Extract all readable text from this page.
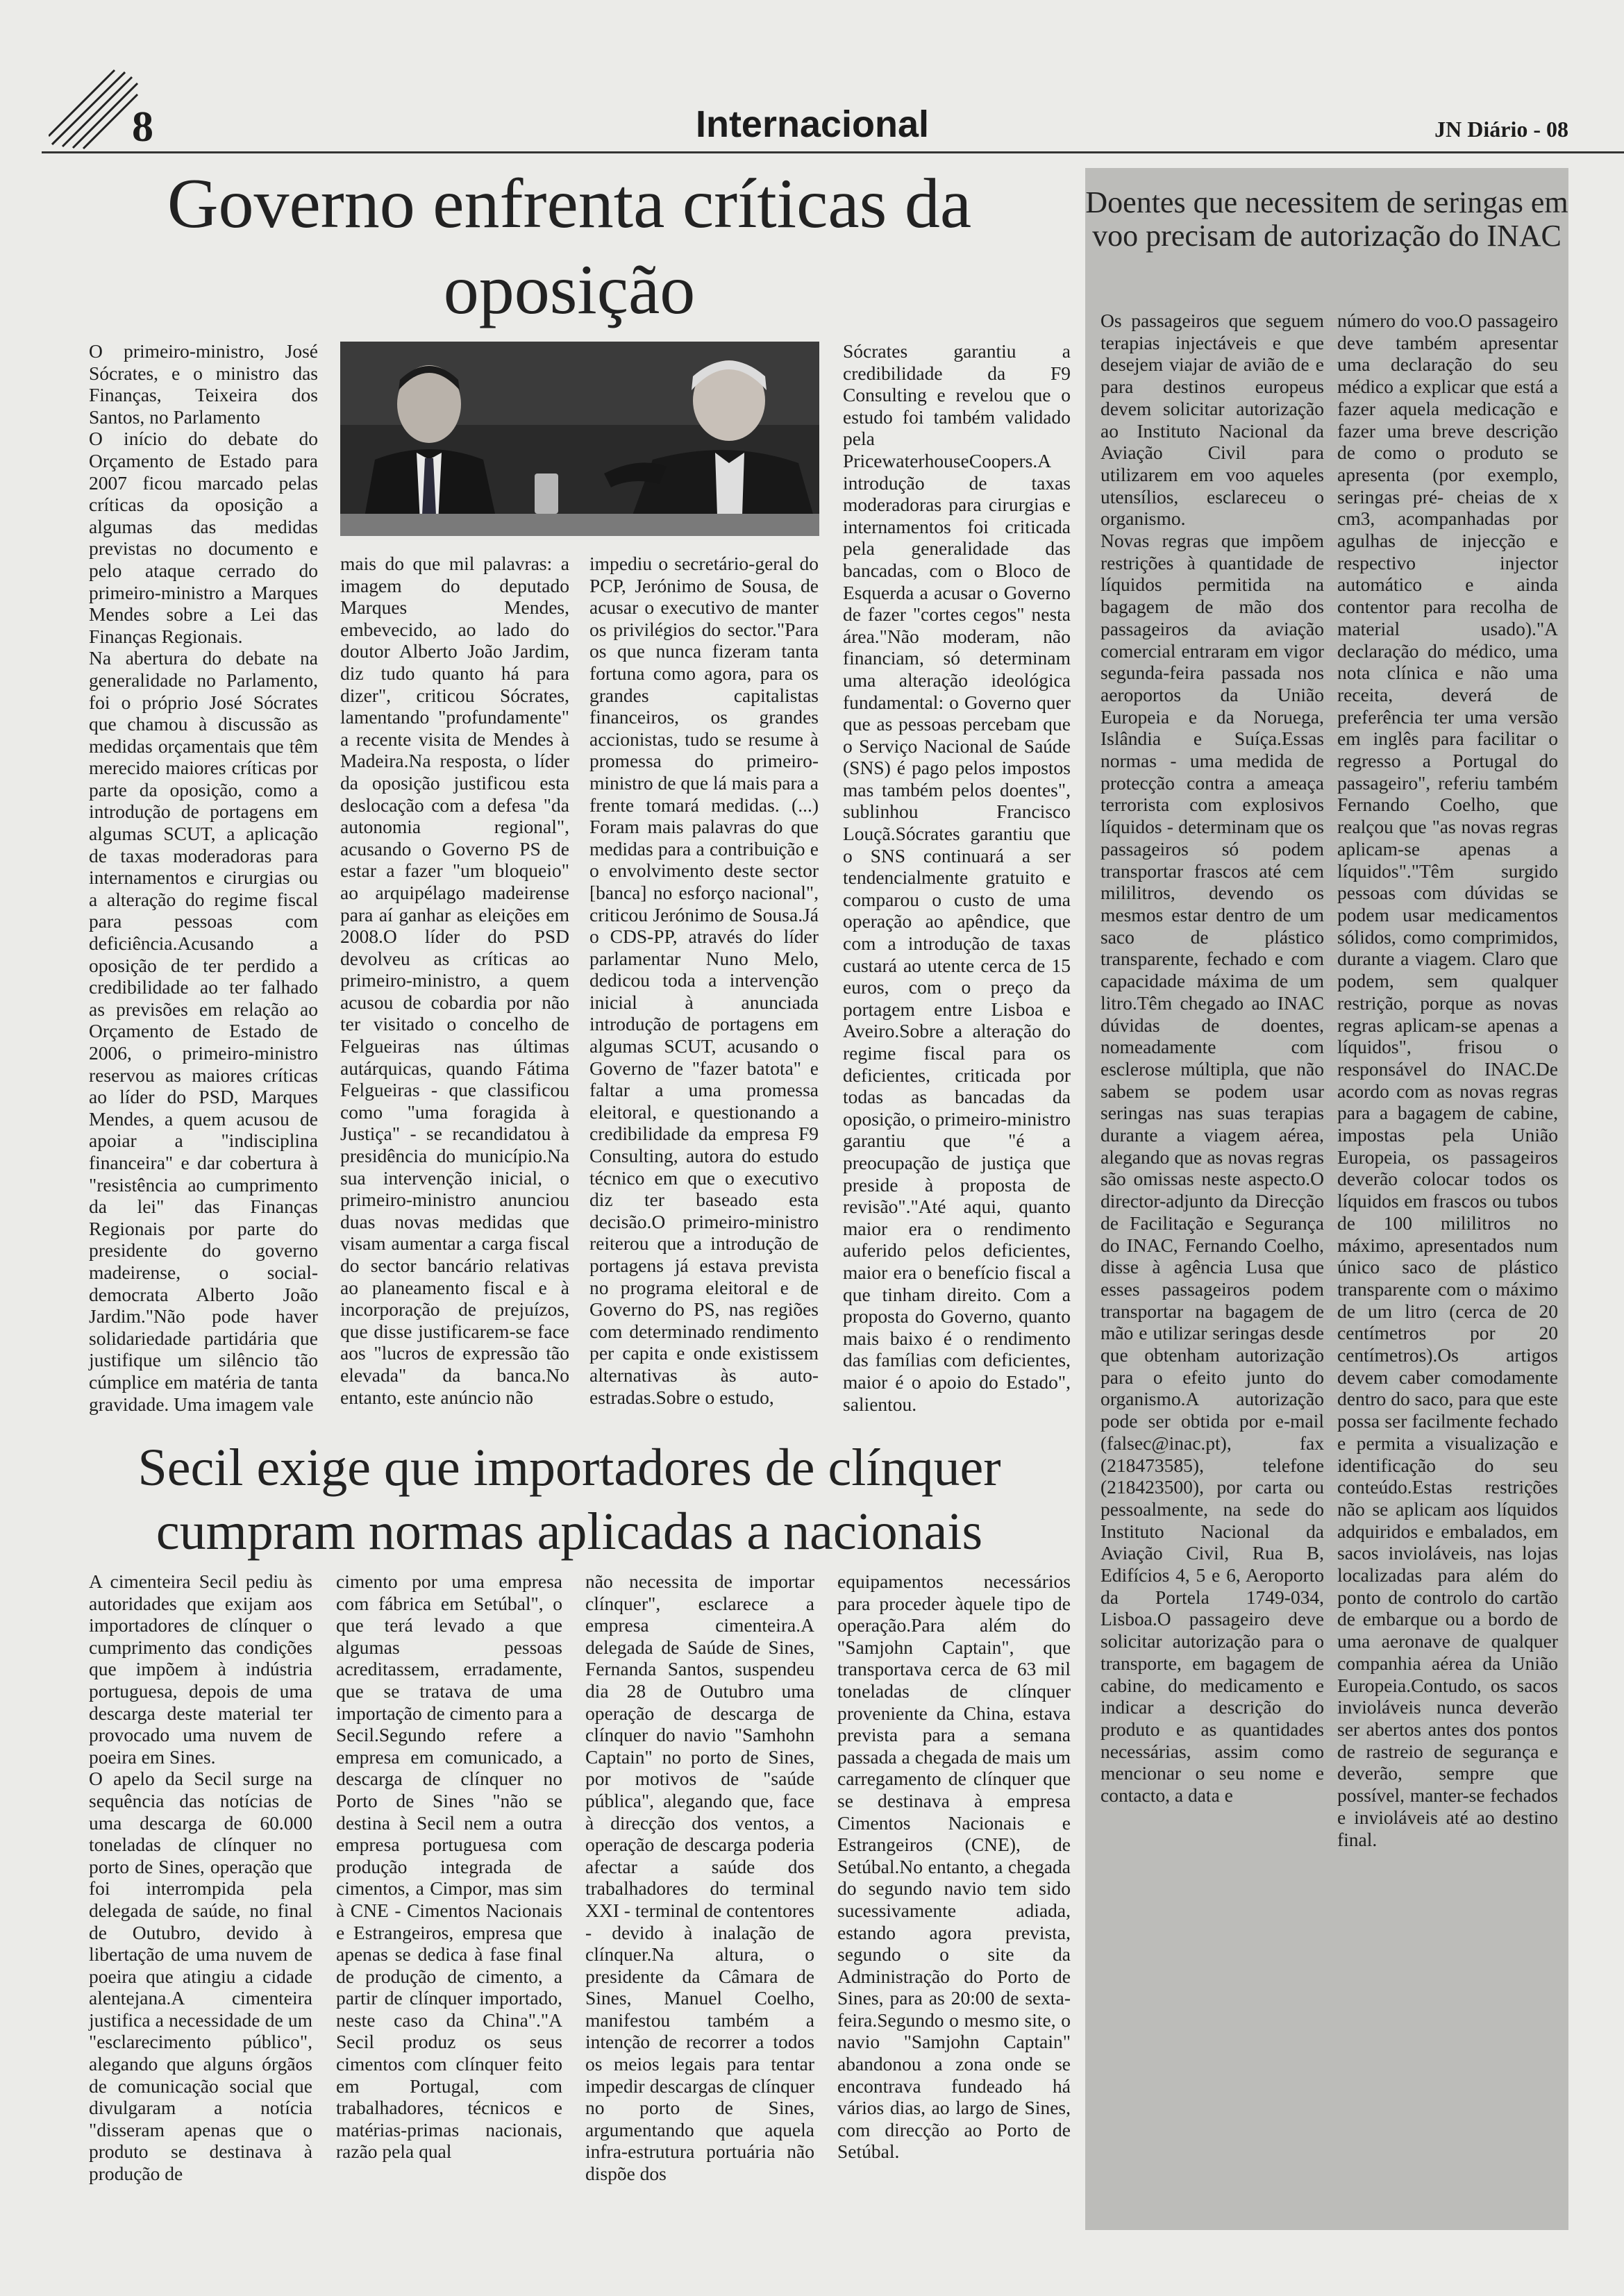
8	Internacional	JN Diário - 08
Governo enfrenta críticas da oposição
O primeiro-ministro, José Sócrates, e o ministro das Finanças, Teixeira dos Santos, no Parlamento
O início do debate do Orçamento de Estado para 2007 ficou marcado pelas críticas da oposição a algumas das medidas previstas no documento e pelo ataque cerrado do primeiro-ministro a Marques Mendes sobre a Lei das Finanças Regionais.
Na abertura do debate na generalidade no Parlamento, foi o próprio José Sócrates que chamou à discussão as medidas orçamentais que têm merecido maiores críticas por parte da oposição, como a introdução de portagens em algumas SCUT, a aplicação de taxas moderadoras para internamentos e cirurgias ou a alteração do regime fiscal para pessoas com deficiência.Acusando a oposição de ter perdido a credibilidade ao ter falhado as previsões em relação ao Orçamento de Estado de 2006, o primeiro-ministro reservou as maiores críticas ao líder do PSD, Marques Mendes, a quem acusou de apoiar a "indisciplina financeira" e dar cobertura à "resistência ao cumprimento da lei" das Finanças Regionais por parte do presidente do governo madeirense, o social-democrata Alberto João Jardim."Não pode haver solidariedade partidária que justifique um silêncio tão cúmplice em matéria de tanta gravidade. Uma imagem vale
mais do que mil palavras: a imagem do deputado Marques Mendes, embevecido, ao lado do doutor Alberto João Jardim, diz tudo quanto há para dizer", criticou Sócrates, lamentando "profundamente" a recente visita de Mendes à Madeira.Na resposta, o líder da oposição justificou esta deslocação com a defesa "da autonomia regional", acusando o Governo PS de estar a fazer "um bloqueio" ao arquipélago madeirense para aí ganhar as eleições em 2008.O líder do PSD devolveu as críticas ao primeiro-ministro, a quem acusou de cobardia por não ter visitado o concelho de Felgueiras nas últimas autárquicas, quando Fátima Felgueiras - que classificou como "uma foragida à Justiça" - se recandidatou à presidência do município.Na sua intervenção inicial, o primeiro-ministro anunciou duas novas medidas que visam aumentar a carga fiscal do sector bancário relativas ao planeamento fiscal e à incorporação de prejuízos, que disse justificarem-se face aos "lucros de expressão tão elevada" da banca.No entanto, este anúncio não
impediu o secretário-geral do PCP, Jerónimo de Sousa, de acusar o executivo de manter os privilégios do sector."Para os que nunca fizeram tanta fortuna como agora, para os grandes capitalistas financeiros, os grandes accionistas, tudo se resume à promessa do primeiro-ministro de que lá mais para a frente tomará medidas. (...) Foram mais palavras do que medidas para a contribuição e o envolvimento deste sector [banca] no esforço nacional", criticou Jerónimo de Sousa.Já o CDS-PP, através do líder parlamentar Nuno Melo, dedicou toda a intervenção inicial à anunciada introdução de portagens em algumas SCUT, acusando o Governo de "fazer batota" e faltar a uma promessa eleitoral, e questionando a credibilidade da empresa F9 Consulting, autora do estudo técnico em que o executivo diz ter baseado esta decisão.O primeiro-ministro reiterou que a introdução de portagens já estava prevista no programa eleitoral e de Governo do PS, nas regiões com determinado rendimento per capita e onde existissem alternativas às auto-estradas.Sobre o estudo,
Sócrates garantiu a credibilidade da F9 Consulting e revelou que o estudo foi também validado pela PricewaterhouseCoopers.A introdução de taxas moderadoras para cirurgias e internamentos foi criticada pela generalidade das bancadas, com o Bloco de Esquerda a acusar o Governo de fazer "cortes cegos" nesta área."Não moderam, não financiam, só determinam uma alteração ideológica fundamental: o Governo quer que as pessoas percebam que o Serviço Nacional de Saúde (SNS) é pago pelos impostos mas também pelos doentes", sublinhou Francisco Louçã.Sócrates garantiu que o SNS continuará a ser tendencialmente gratuito e comparou o custo de uma operação ao apêndice, que com a introdução de taxas custará ao utente cerca de 15 euros, com o preço da portagem entre Lisboa e Aveiro.Sobre a alteração do regime fiscal para os deficientes, criticada por todas as bancadas da oposição, o primeiro-ministro garantiu que "é a preocupação de justiça que preside à proposta de revisão"."Até aqui, quanto maior era o rendimento auferido pelos deficientes, maior era o benefício fiscal a que tinham direito. Com a proposta do Governo, quanto mais baixo é o rendimento das famílias com deficientes, maior é o apoio do Estado", salientou.
Secil exige que importadores de clínquer cumpram normas aplicadas a nacionais
A cimenteira Secil pediu às autoridades que exijam aos importadores de clínquer o cumprimento das condições que impõem à indústria portuguesa, depois de uma descarga deste material ter provocado uma nuvem de poeira em Sines.
O apelo da Secil surge na sequência das notícias de uma descarga de 60.000 toneladas de clínquer no porto de Sines, operação que foi interrompida pela delegada de saúde, no final de Outubro, devido à libertação de uma nuvem de poeira que atingiu a cidade alentejana.A cimenteira justifica a necessidade de um "esclarecimento público", alegando que alguns órgãos de comunicação social que divulgaram a notícia "disseram apenas que o produto se destinava à produção de
cimento por uma empresa com fábrica em Setúbal", o que terá levado a que algumas pessoas acreditassem, erradamente, que se tratava de uma importação de cimento para a Secil.Segundo refere a empresa em comunicado, a descarga de clínquer no Porto de Sines "não se destina à Secil nem a outra empresa portuguesa com produção integrada de cimentos, a Cimpor, mas sim à CNE - Cimentos Nacionais e Estrangeiros, empresa que apenas se dedica à fase final de produção de cimento, a partir de clínquer importado, neste caso da China"."A Secil produz os seus cimentos com clínquer feito em Portugal, com trabalhadores, técnicos e matérias-primas nacionais, razão pela qual
não necessita de importar clínquer", esclarece a empresa cimenteira.A delegada de Saúde de Sines, Fernanda Santos, suspendeu dia 28 de Outubro uma operação de descarga de clínquer do navio "Samhohn Captain" no porto de Sines, por motivos de "saúde pública", alegando que, face à direcção dos ventos, a operação de descarga poderia afectar a saúde dos trabalhadores do terminal XXI - terminal de contentores - devido à inalação de clínquer.Na altura, o presidente da Câmara de Sines, Manuel Coelho, manifestou também a intenção de recorrer a todos os meios legais para tentar impedir descargas de clínquer no porto de Sines, argumentando que aquela infra-estrutura portuária não dispõe dos
equipamentos necessários para proceder àquele tipo de operação.Para além do "Samjohn Captain", que transportava cerca de 63 mil toneladas de clínquer proveniente da China, estava prevista para a semana passada a chegada de mais um carregamento de clínquer que se destinava à empresa Cimentos Nacionais e Estrangeiros (CNE), de Setúbal.No entanto, a chegada do segundo navio tem sido sucessivamente adiada, estando agora prevista, segundo o site da Administração do Porto de Sines, para as 20:00 de sexta-feira.Segundo o mesmo site, o navio "Samjohn Captain" abandonou a zona onde se encontrava fundeado há vários dias, ao largo de Sines, com direcção ao Porto de Setúbal.
Doentes que necessitem de seringas em voo precisam de autorização do INAC
Os passageiros que seguem terapias injectáveis e que desejem viajar de avião de e para destinos europeus devem solicitar autorização ao Instituto Nacional da Aviação Civil para utilizarem em voo aqueles utensílios, esclareceu o organismo.
Novas regras que impõem restrições à quantidade de líquidos permitida na bagagem de mão dos passageiros da aviação comercial entraram em vigor segunda-feira passada nos aeroportos da União Europeia e da Noruega, Islândia e Suíça.Essas normas - uma medida de protecção contra a ameaça terrorista com explosivos líquidos - determinam que os passageiros só podem transportar frascos até cem mililitros, devendo os mesmos estar dentro de um saco de plástico transparente, fechado e com capacidade máxima de um litro.Têm chegado ao INAC dúvidas de doentes, nomeadamente com esclerose múltipla, que não sabem se podem usar seringas nas suas terapias durante a viagem aérea, alegando que as novas regras são omissas neste aspecto.O director-adjunto da Direcção de Facilitação e Segurança do INAC, Fernando Coelho, disse à agência Lusa que esses passageiros podem transportar na bagagem de mão e utilizar seringas desde que obtenham autorização para o efeito junto do organismo.A autorização pode ser obtida por e-mail (falsec@inac.pt), fax (218473585), telefone (218423500), por carta ou pessoalmente, na sede do Instituto Nacional da Aviação Civil, Rua B, Edifícios 4, 5 e 6, Aeroporto da Portela 1749-034, Lisboa.O passageiro deve solicitar autorização para o transporte, em bagagem de cabine, do medicamento e indicar a descrição do produto e as quantidades necessárias, assim como mencionar o seu nome e contacto, a data e
número do voo.O passageiro deve também apresentar uma declaração do seu médico a explicar que está a fazer aquela medicação e fazer uma breve descrição de como o produto se apresenta (por exemplo, seringas pré- cheias de x cm3, acompanhadas por agulhas de injecção e respectivo injector automático e ainda contentor para recolha de material usado)."A declaração do médico, uma nota clínica e não uma receita, deverá de preferência ter uma versão em inglês para facilitar o regresso a Portugal do passageiro", referiu também Fernando Coelho, que realçou que "as novas regras aplicam-se apenas a líquidos"."Têm surgido pessoas com dúvidas se podem usar medicamentos sólidos, como comprimidos, durante a viagem. Claro que podem, sem qualquer restrição, porque as novas regras aplicam-se apenas a líquidos", frisou o responsável do INAC.De acordo com as novas regras para a bagagem de cabine, impostas pela União Europeia, os passageiros deverão colocar todos os líquidos em frascos ou tubos de 100 mililitros no máximo, apresentados num único saco de plástico transparente com o máximo de um litro (cerca de 20 centímetros por 20 centímetros).Os artigos devem caber comodamente dentro do saco, para que este possa ser facilmente fechado e permita a visualização e identificação do seu conteúdo.Estas restrições não se aplicam aos líquidos adquiridos e embalados, em sacos invioláveis, nas lojas localizadas para além do ponto de controlo do cartão de embarque ou a bordo de uma aeronave de qualquer companhia aérea da União Europeia.Contudo, os sacos invioláveis nunca deverão ser abertos antes dos pontos de rastreio de segurança e deverão, sempre que possível, manter-se fechados e invioláveis até ao destino final.
